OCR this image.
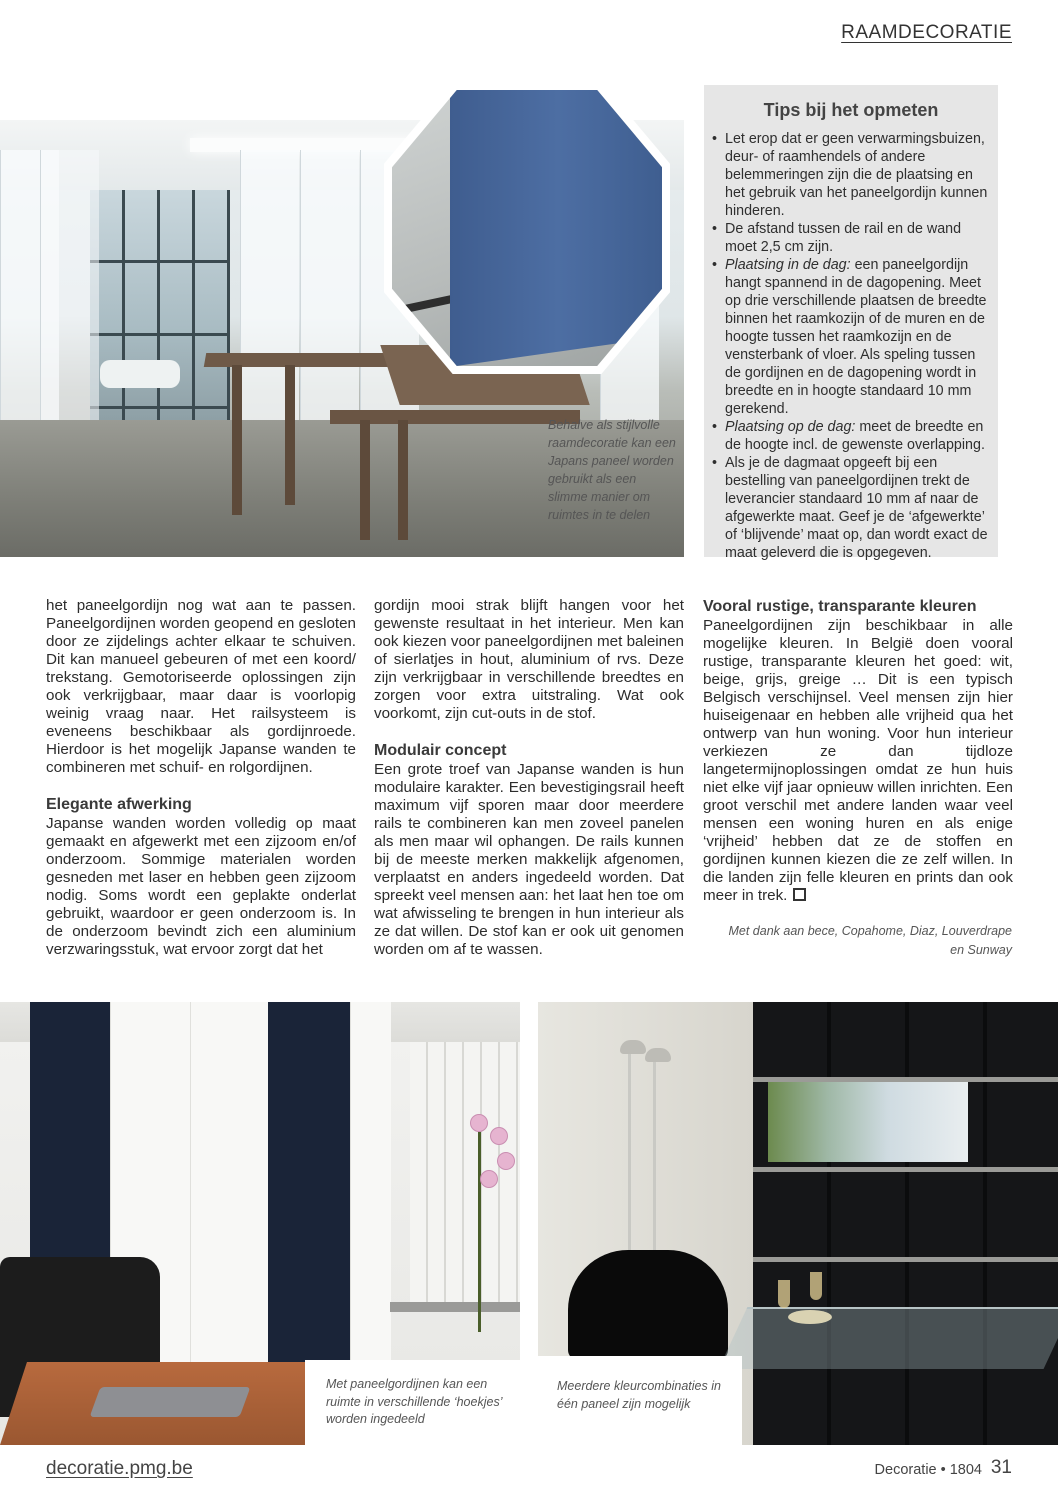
RAAMDECORATIE
Behalve als stijlvolle raamdecoratie kan een Japans paneel worden gebruikt als een slimme manier om ruimtes in te delen
Tips bij het opmeten
• Let erop dat er geen verwarmingsbuizen, deur- of raamhendels of andere belemmeringen zijn die de plaatsing en het gebruik van het paneelgordijn kunnen hinderen.
• De afstand tussen de rail en de wand moet 2,5 cm zijn.
• Plaatsing in de dag: een paneelgordijn hangt spannend in de dagopening. Meet op drie verschillende plaatsen de breedte binnen het raamkozijn of de muren en de hoogte tussen het raamkozijn en de vensterbank of vloer. Als speling tussen de gordijnen en de dagopening wordt in breedte en in hoogte standaard 10 mm gerekend.
• Plaatsing op de dag: meet de breedte en de hoogte incl. de gewenste overlapping.
• Als je de dagmaat opgeeft bij een bestelling van paneelgordijnen trekt de leverancier standaard 10 mm af naar de afgewerkte maat. Geef je de ‘afgewerkte’ of ‘blijvende’ maat op, dan wordt exact de maat geleverd die is opgegeven.

het paneelgordijn nog wat aan te passen. Paneelgordijnen worden geopend en gesloten door ze zijdelings achter elkaar te schuiven. Dit kan manueel gebeuren of met een koord/ trekstang. Gemotoriseerde oplossingen zijn ook verkrijgbaar, maar daar is voorlopig weinig vraag naar. Het railsysteem is eveneens beschikbaar als gordijnroede. Hierdoor is het mogelijk Japanse wanden te combineren met schuif- en rolgordijnen.

Elegante afwerking

Japanse wanden worden volledig op maat gemaakt en afgewerkt met een zijzoom en/of onderzoom. Sommige materialen worden gesneden met laser en hebben geen zijzoom nodig. Soms wordt een geplakte onderlat gebruikt, waardoor er geen onderzoom is. In de onderzoom bevindt zich een aluminium verzwaringsstuk, wat ervoor zorgt dat het

gordijn mooi strak blijft hangen voor het gewenste resultaat in het interieur. Men kan ook kiezen voor paneelgordijnen met baleinen of sierlatjes in hout, aluminium of rvs. Deze zijn verkrijgbaar in verschillende breedtes en zorgen voor extra uitstraling. Wat ook voorkomt, zijn cut-outs in de stof.

Modulair concept

Een grote troef van Japanse wanden is hun modulaire karakter. Een bevestigingsrail heeft maximum vijf sporen maar door meerdere rails te combineren kan men zoveel panelen als men maar wil ophangen. De rails kunnen bij de meeste merken makkelijk afgenomen, verplaatst en anders ingedeeld worden. Dat spreekt veel mensen aan: het laat hen toe om wat afwisseling te brengen in hun interieur als ze dat willen. De stof kan er ook uit genomen worden om af te wassen.

Vooral rustige, transparante kleuren

Paneelgordijnen zijn beschikbaar in alle mogelijke kleuren. In België doen vooral rustige, transparante kleuren het goed: wit, beige, grijs, greige … Dit is een typisch Belgisch verschijnsel. Veel mensen zijn hier huiseigenaar en hebben alle vrijheid qua het ontwerp van hun woning. Voor hun interieur verkiezen ze dan tijdloze langetermijnoplossingen omdat ze hun huis niet elke vijf jaar opnieuw willen inrichten. Een groot verschil met andere landen waar veel mensen een woning huren en als enige ‘vrijheid’ hebben dat ze de stoffen en gordijnen kunnen kiezen die ze zelf willen. In die landen zijn felle kleuren en prints dan ook meer in trek.

Met dank aan bece, Copahome, Diaz, Louverdrape en Sunway
Met paneelgordijnen kan een ruimte in verschillende ‘hoekjes’ worden ingedeeld
Meerdere kleurcombinaties in één paneel zijn mogelijk
decoratie.pmg.be	Decoratie • 1804 31
